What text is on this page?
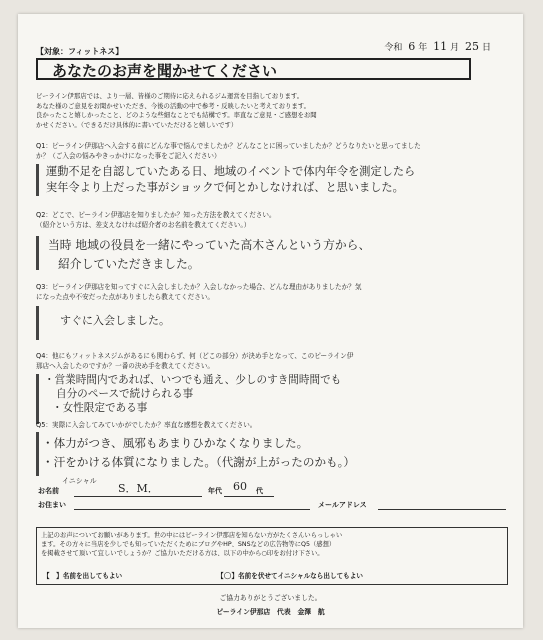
令和 6 年 11 月 25 日
【対象：フィットネス】
あなたのお声を聞かせてください
ピーライン伊那店では、より一層、皆様のご期待に応えられるジム運営を目指しております。
あなた様のご意見をお聞かせいただき、今後の活動の中で参考・反映したいと考えております。
良かったこと嬉しかったこと、どのような些細なことでも結構です。率直なご意見・ご感想をお聞
かせください。（できるだけ具体的に書いていただけると嬉しいです）
Q1：ピーライン伊那店へ入会する前にどんな事で悩んでましたか？どんなことに困っていましたか？どうなりたいと思ってました
か？（ご入会の悩みやきっかけになった事をご記入ください）
運動不足を自認していたある日、地域のイベントで体内年令を測定したら
実年令より上だった事がショックで何とかしなければ、と思いました。
Q2：どこで、ピーライン伊那店を知りましたか？知った方法を教えてください。
（紹介という方は、差支えなければ紹介者のお名前を教えてください。）
当時 地域の役員を一緒にやっていた高木さんという方から、
紹介していただきました。
Q3：ピーライン伊那店を知ってすぐに入会しましたか？入会しなかった場合、どんな理由がありましたか？気
になった点や不安だった点がありましたら教えてください。
すぐに入会しました。
Q4：他にもフィットネスジムがあるにも関わらず、何（どこの部分）が決め手となって、このピーライン伊
那店へ入会したのですか？一番の決め手を教えてください。
・営業時間内であれば、いつでも通え、少しのすき間時間でも
自分のペースで続けられる事
・女性限定である事
Q5：実際に入会してみていかがでしたか？率直な感想を教えてください。
・体力がつき、風邪もあまりひかなくなりました。
・汗をかける体質になりました。（代謝が上がったのかも。）
イニシャル
お名前	S．M．	年代 60 代
お住まい	メールアドレス
上記のお声についてお願いがあります。世の中にはピーライン伊那店を知らない方がたくさんいらっしゃい
ます。その方々に当店を少しでも知っていただくためにブログやHP、SNSなどの広告物等にQ5（感想）
を掲載させて頂いて宜しいでしょうか？ご協力いただける方は、以下の中から○印をお付け下さい。
【　】名前を出してもよい	【○】名前を伏せてイニシャルなら出してもよい
ご協力ありがとうございました。
ピーライン伊那店　代表　金澤　航
